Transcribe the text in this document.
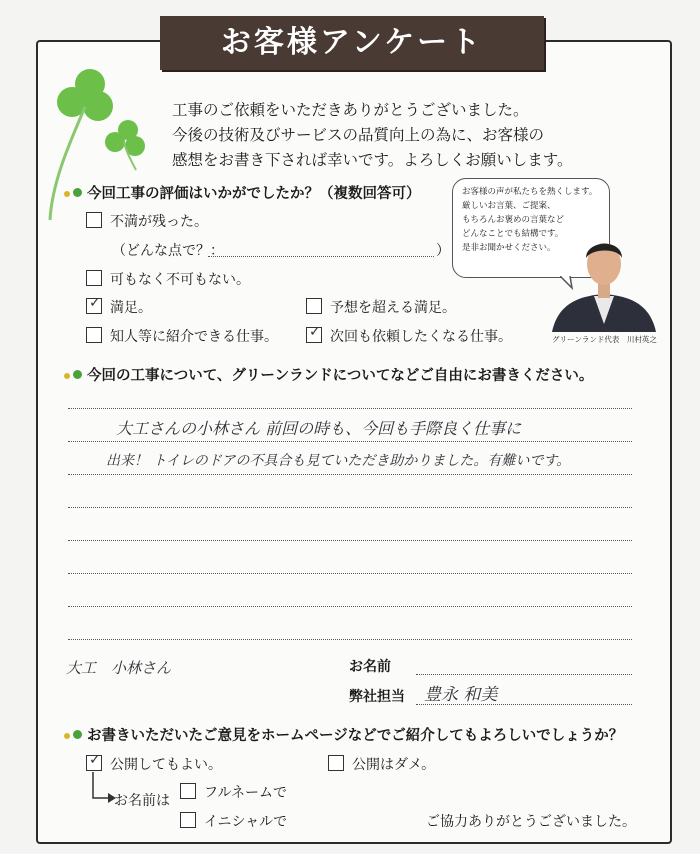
お客様アンケート
工事のご依頼をいただきありがとうございました。
今後の技術及びサービスの品質向上の為に、お客様の
感想をお書き下されば幸いです。よろしくお願いします。
今回工事の評価はいかがでしたか？（複数回答可）
不満が残った。
（どんな点で？：	）
可もなく不可もない。
✓ 満足。	予想を超える満足。
知人等に紹介できる仕事。 ✓ 次回も依頼したくなる仕事。
お客様の声が私たちを熱くします。
厳しいお言葉、ご提案、
もちろんお褒めの言葉など
どんなことでも結構です。
是非お聞かせください。
グリーンランド代表　川村英之
今回の工事について、グリーンランドについてなどご自由にお書きください。
大工さんの小林さん 前回の時も、今回も手際良く仕事に
出来！ トイレのドアの不具合も見ていただき助かりました。有難いです。
大工　小林さん	お名前
弊社担当 豊永 和美
お書きいただいたご意見をホームページなどでご紹介してもよろしいでしょうか？
✓ 公開してもよい。	公開はダメ。
お名前は フルネームで
イニシャルで	ご協力ありがとうございました。
